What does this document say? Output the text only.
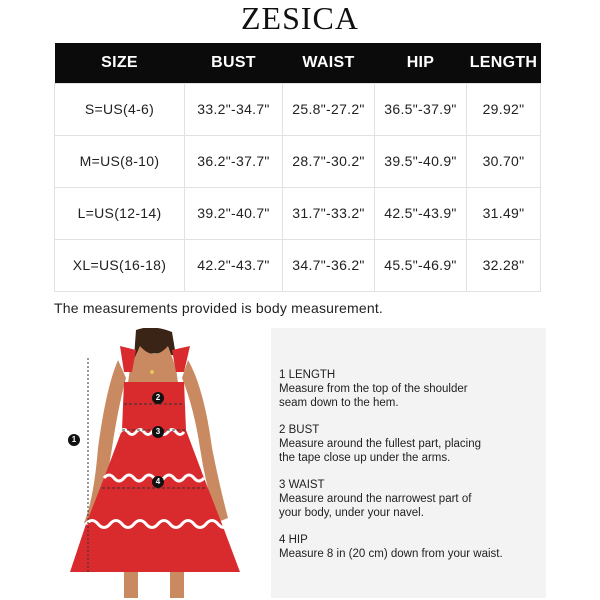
ZESICA
SIZE	BUST	WAIST	HIP	LENGTH
S=US(4-6)	33.2"-34.7"	25.8"-27.2"	36.5"-37.9"	29.92"
M=US(8-10)	36.2"-37.7"	28.7"-30.2"	39.5"-40.9"	30.70"
L=US(12-14)	39.2"-40.7"	31.7"-33.2"	42.5"-43.9"	31.49"
XL=US(16-18)	42.2"-43.7"	34.7"-36.2"	45.5"-46.9"	32.28"
The measurements provided is body measurement.
1
2
3
4
1 LENGTH
Measure from the top of the shoulder
seam down to the hem.
2 BUST
Measure around the fullest part, placing
the tape close up under the arms.
3 WAIST
Measure around the narrowest part of
your body, under your navel.
4 HIP
Measure 8 in (20 cm) down from your waist.
